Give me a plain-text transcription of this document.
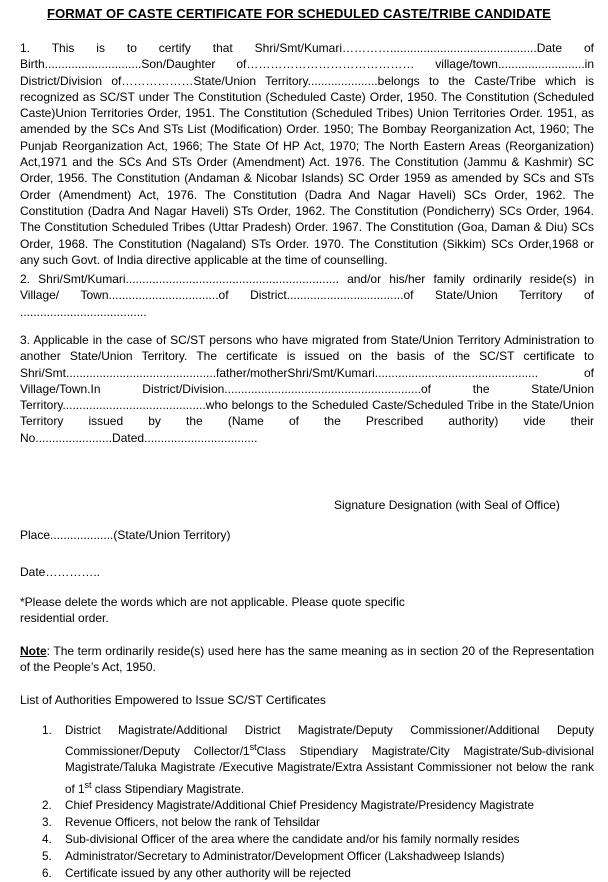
FORMAT OF CASTE CERTIFICATE FOR SCHEDULED CASTE/TRIBE CANDIDATE
1. This is to certify that Shri/Smt/Kumari…………............................................Date of Birth.............................Son/Daughter of…………………………………… village/town..........................in District/Division of………………State/Union Territory.....................belongs to the Caste/Tribe which is recognized as SC/ST under The Constitution (Scheduled Caste) Order, 1950. The Constitution (Scheduled Caste)Union Territories Order, 1951. The Constitution (Scheduled Tribes) Union Territories Order. 1951, as amended by the SCs And STs List (Modification) Order. 1950; The Bombay Reorganization Act, 1960; The Punjab Reorganization Act, 1966; The State Of HP Act, 1970; The North Eastern Areas (Reorganization) Act,1971 and the SCs And STs Order (Amendment) Act. 1976. The Constitution (Jammu & Kashmir) SC Order, 1956. The Constitution (Andaman & Nicobar Islands) SC Order 1959 as amended by SCs and STs Order (Amendment) Act, 1976. The Constitution (Dadra And Nagar Haveli) SCs Order, 1962. The Constitution (Dadra And Nagar Haveli) STs Order, 1962. The Constitution (Pondicherry) SCs Order, 1964. The Constitution Scheduled Tribes (Uttar Pradesh) Order. 1967. The Constitution (Goa, Daman & Diu) SCs Order, 1968. The Constitution (Nagaland) STs Order. 1970. The Constitution (Sikkim) SCs Order,1968 or any such Govt. of India directive applicable at the time of counselling.
2. Shri/Smt/Kumari................................................................ and/or his/her family ordinarily reside(s) in Village/ Town.................................of District...................................of State/Union Territory of ......................................
3. Applicable in the case of SC/ST persons who have migrated from State/Union Territory Administration to another State/Union Territory. The certificate is issued on the basis of the SC/ST certificate to Shri/Smt.............................................father/motherShri/Smt/Kumari................................................. of Village/Town.In District/Division...........................................................of the State/Union Territory...........................................who belongs to the Scheduled Caste/Scheduled Tribe in the State/Union Territory issued by the (Name of the Prescribed authority) vide their No.......................Dated..................................
Signature Designation (with Seal of Office)
Place...................(State/Union Territory)
Date…………..
*Please delete the words which are not applicable. Please quote specific
residential order.
Note: The term ordinarily reside(s) used here has the same meaning as in section 20 of the Representation of the People’s Act, 1950.
List of Authorities Empowered to Issue SC/ST Certificates
1. District Magistrate/Additional District Magistrate/Deputy Commissioner/Additional Deputy Commissioner/Deputy Collector/1stClass Stipendiary Magistrate/City Magistrate/Sub-divisional Magistrate/Taluka Magistrate /Executive Magistrate/Extra Assistant Commissioner not below the rank of 1st class Stipendiary Magistrate.
2. Chief Presidency Magistrate/Additional Chief Presidency Magistrate/Presidency Magistrate
3. Revenue Officers, not below the rank of Tehsildar
4. Sub-divisional Officer of the area where the candidate and/or his family normally resides
5. Administrator/Secretary to Administrator/Development Officer (Lakshadweep Islands)
6. Certificate issued by any other authority will be rejected
